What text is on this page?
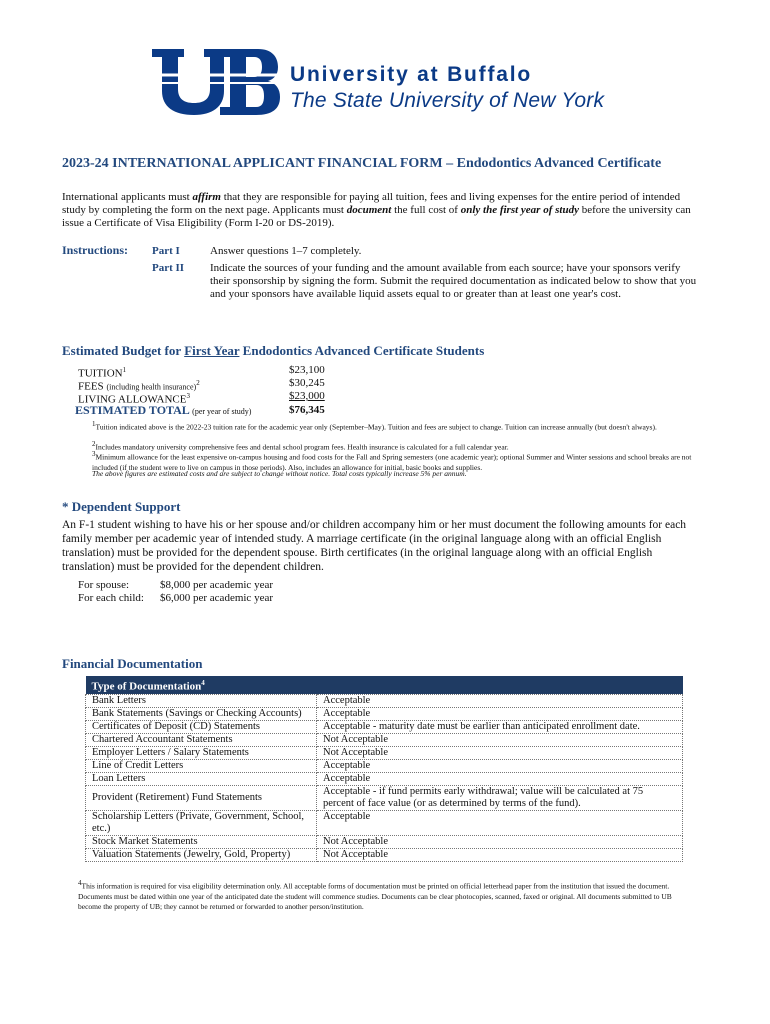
University at Buffalo
The State University of New York
2023-24 INTERNATIONAL APPLICANT FINANCIAL FORM – Endodontics Advanced Certificate
International applicants must affirm that they are responsible for paying all tuition, fees and living expenses for the entire period of intended study by completing the form on the next page. Applicants must document the full cost of only the first year of study before the university can issue a Certificate of Visa Eligibility (Form I-20 or DS-2019).
Instructions: Part I	Answer questions 1–7 completely.
Part II Indicate the sources of your funding and the amount available from each source; have your sponsors verify their sponsorship by signing the form. Submit the required documentation as indicated below to show that you and your sponsors have available liquid assets equal to or greater than at least one year's cost.
Estimated Budget for First Year Endodontics Advanced Certificate Students
TUITION$^1$	$23,100
FEES (including health insurance)$^2$	$30,245
LIVING ALLOWANCE$^3$	$23,000
ESTIMATED TOTAL (per year of study)	$76,345
$^1$Tuition indicated above is the 2022-23 tuition rate for the academic year only (September–May). Tuition and fees are subject to change. Tuition can increase annually (but doesn't always).
$^2$Includes mandatory university comprehensive fees and dental school program fees. Health insurance is calculated for a full calendar year.
$^3$Minimum allowance for the least expensive on-campus housing and food costs for the Fall and Spring semesters (one academic year); optional Summer and Winter sessions and school breaks are not included (if the student were to live on campus in those periods). Also, includes an allowance for initial, basic books and supplies.
The above figures are estimated costs and are subject to change without notice. Total costs typically increase 5% per annum.
* Dependent Support
An F-1 student wishing to have his or her spouse and/or children accompany him or her must document the following amounts for each family member per academic year of intended study. A marriage certificate (in the original language along with an official English translation) must be provided for the dependent spouse. Birth certificates (in the original language along with an official English translation) must be provided for the dependent children.
For spouse:	$8,000 per academic year
For each child: $6,000 per academic year
Financial Documentation
Type of Documentation$^4$
Bank Letters	Acceptable
Bank Statements (Savings or Checking Accounts)	Acceptable
Certificates of Deposit (CD) Statements	Acceptable - maturity date must be earlier than anticipated enrollment date.
Chartered Accountant Statements	Not Acceptable
Employer Letters / Salary Statements	Not Acceptable
Line of Credit Letters	Acceptable
Loan Letters	Acceptable
Provident (Retirement) Fund Statements	Acceptable - if fund permits early withdrawal; value will be calculated at 75 percent of face value (or as determined by terms of the fund).
Scholarship Letters (Private, Government, School, etc.)	Acceptable
Stock Market Statements	Not Acceptable
Valuation Statements (Jewelry, Gold, Property)	Not Acceptable
$^4$This information is required for visa eligibility determination only. All acceptable forms of documentation must be printed on official letterhead paper from the institution that issued the document. Documents must be dated within one year of the anticipated date the student will commence studies. Documents can be clear photocopies, scanned, faxed or original. All documents submitted to UB become the property of UB; they cannot be returned or forwarded to another person/institution.
